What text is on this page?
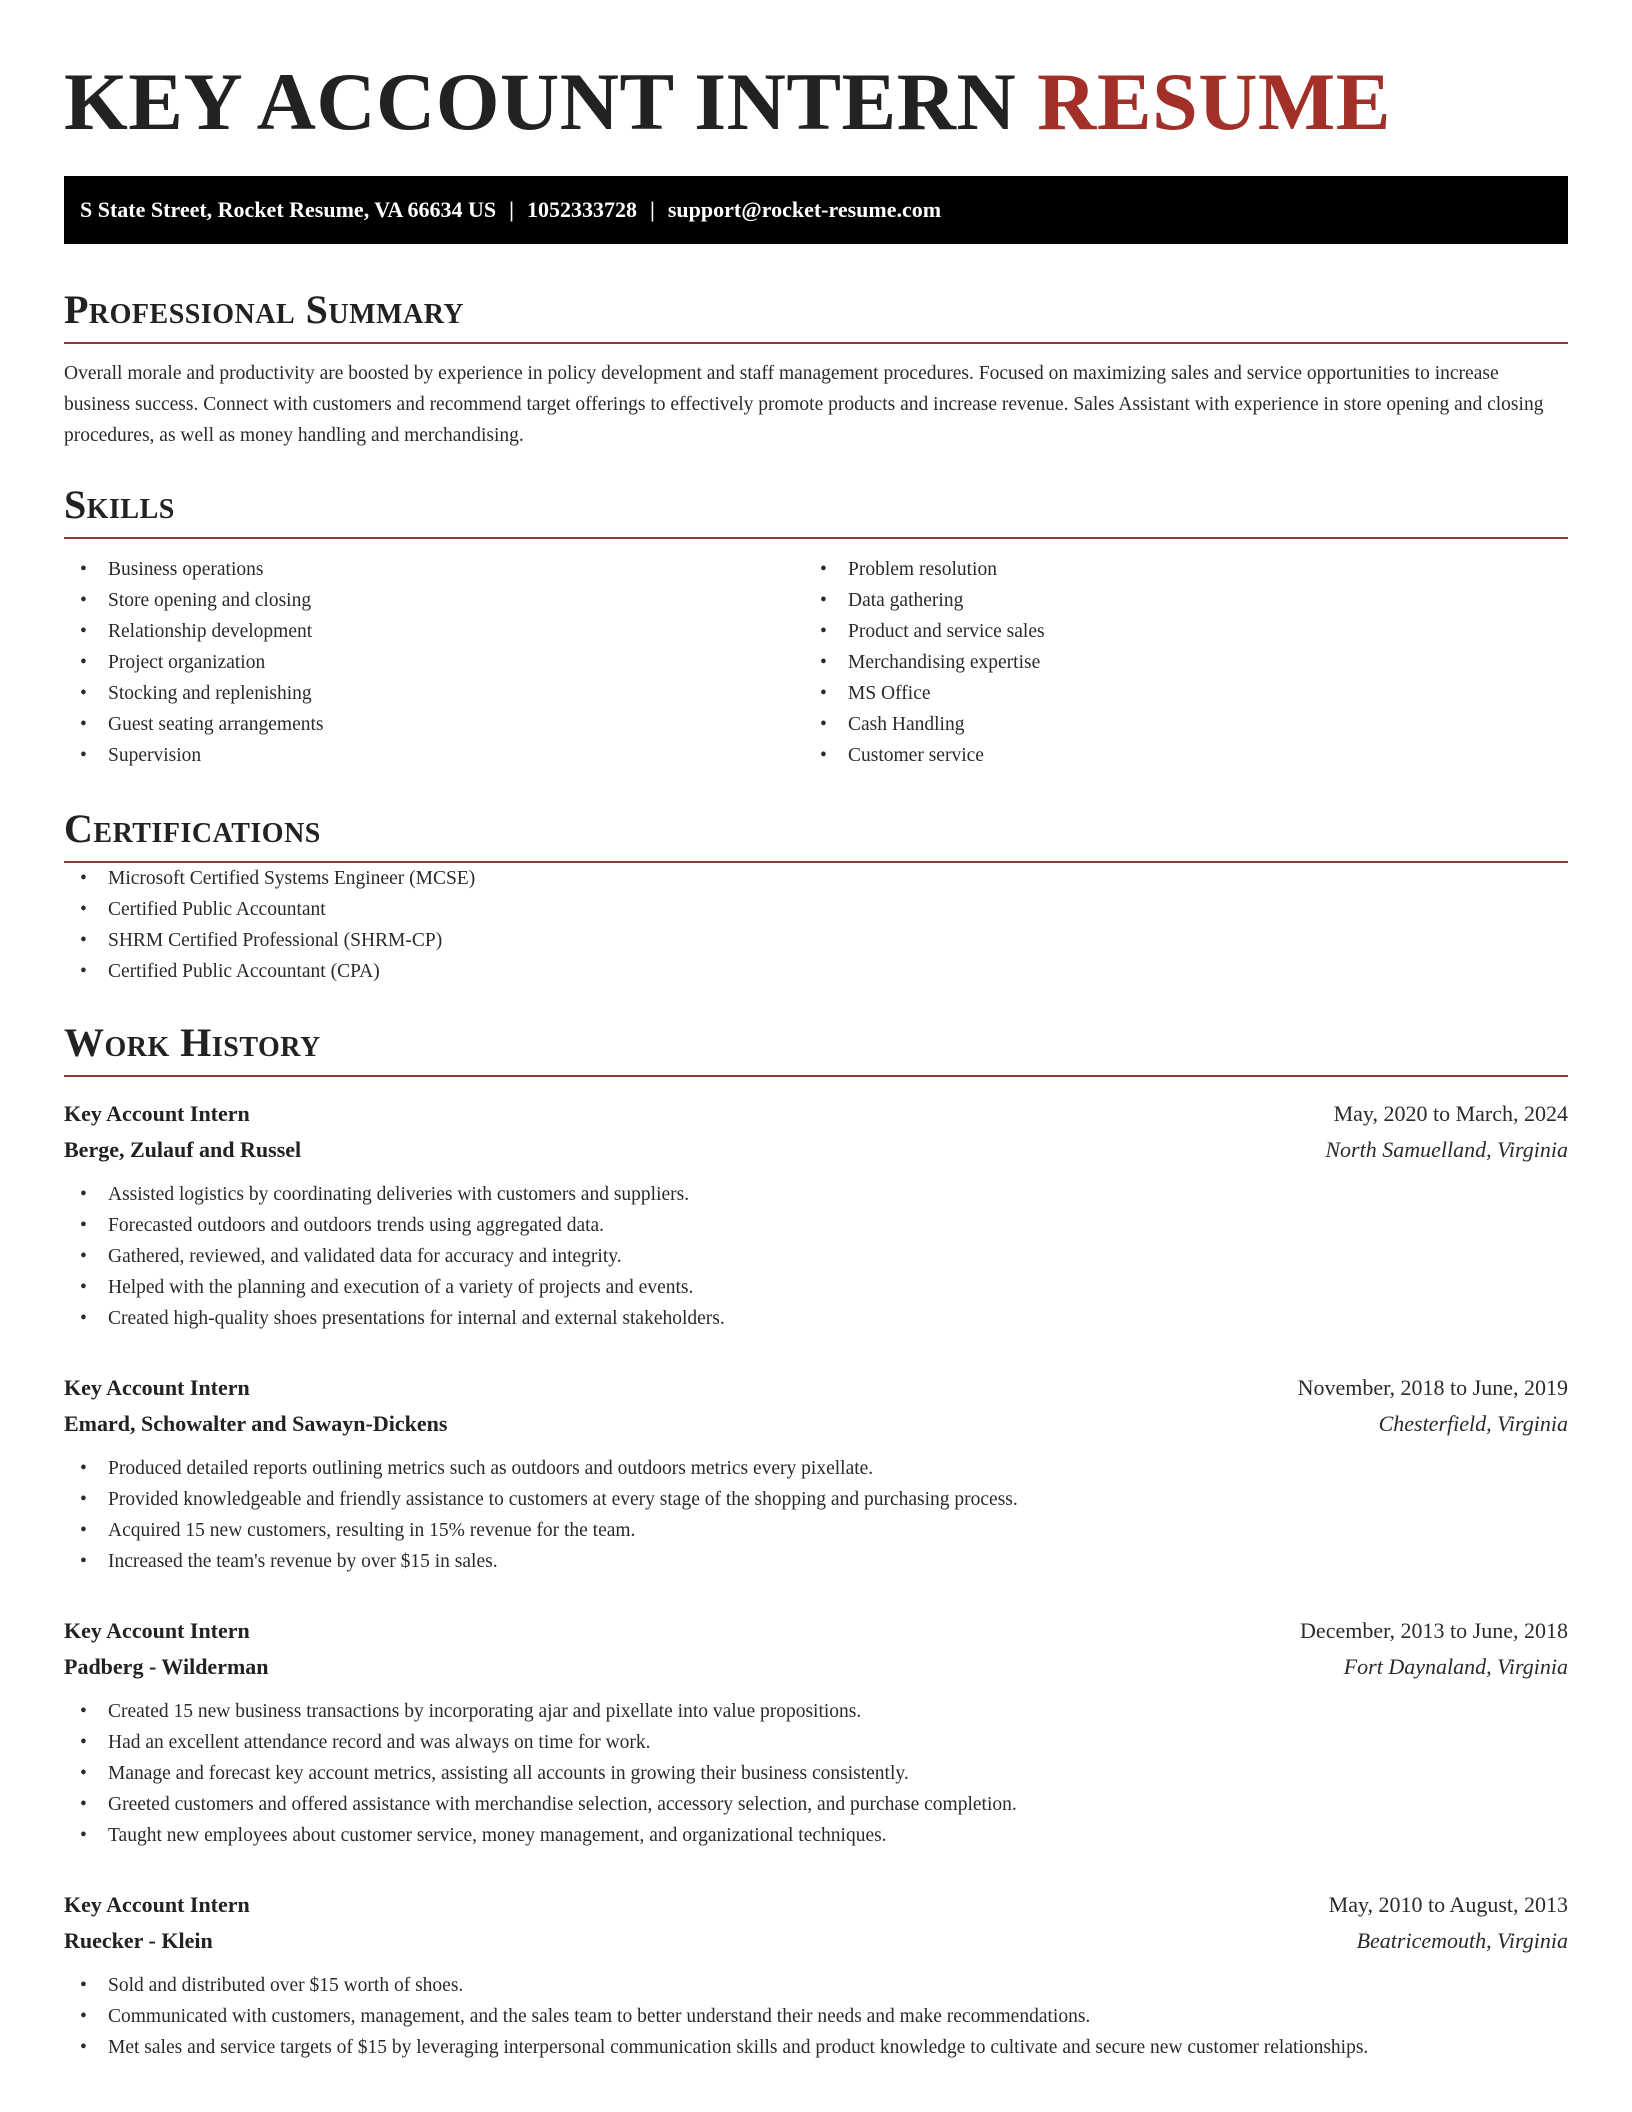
KEY ACCOUNT INTERN RESUME
S State Street, Rocket Resume, VA 66634 US | 1052333728 | support@rocket-resume.com
Professional Summary

Overall morale and productivity are boosted by experience in policy development and staff management procedures. Focused on maximizing sales and service opportunities to increase business success. Connect with customers and recommend target offerings to effectively promote products and increase revenue. Sales Assistant with experience in store opening and closing procedures, as well as money handling and merchandising.

Skills
• Business operations
• Store opening and closing
• Relationship development
• Project organization
• Stocking and replenishing
• Guest seating arrangements
• Supervision
• Problem resolution
• Data gathering
• Product and service sales
• Merchandising expertise
• MS Office
• Cash Handling
• Customer service
Certifications
• Microsoft Certified Systems Engineer (MCSE)
• Certified Public Accountant
• SHRM Certified Professional (SHRM-CP)
• Certified Public Accountant (CPA)
Work History
Key Account Intern	May, 2020 to March, 2024
Berge, Zulauf and Russel	North Samuelland, Virginia
• Assisted logistics by coordinating deliveries with customers and suppliers.
• Forecasted outdoors and outdoors trends using aggregated data.
• Gathered, reviewed, and validated data for accuracy and integrity.
• Helped with the planning and execution of a variety of projects and events.
• Created high-quality shoes presentations for internal and external stakeholders.
Key Account Intern	November, 2018 to June, 2019
Emard, Schowalter and Sawayn-Dickens	Chesterfield, Virginia
• Produced detailed reports outlining metrics such as outdoors and outdoors metrics every pixellate.
• Provided knowledgeable and friendly assistance to customers at every stage of the shopping and purchasing process.
• Acquired 15 new customers, resulting in 15% revenue for the team.
• Increased the team's revenue by over $15 in sales.
Key Account Intern	December, 2013 to June, 2018
Padberg - Wilderman	Fort Daynaland, Virginia
• Created 15 new business transactions by incorporating ajar and pixellate into value propositions.
• Had an excellent attendance record and was always on time for work.
• Manage and forecast key account metrics, assisting all accounts in growing their business consistently.
• Greeted customers and offered assistance with merchandise selection, accessory selection, and purchase completion.
• Taught new employees about customer service, money management, and organizational techniques.
Key Account Intern	May, 2010 to August, 2013
Ruecker - Klein	Beatricemouth, Virginia
• Sold and distributed over $15 worth of shoes.
• Communicated with customers, management, and the sales team to better understand their needs and make recommendations.
• Met sales and service targets of $15 by leveraging interpersonal communication skills and product knowledge to cultivate and secure new customer relationships.
